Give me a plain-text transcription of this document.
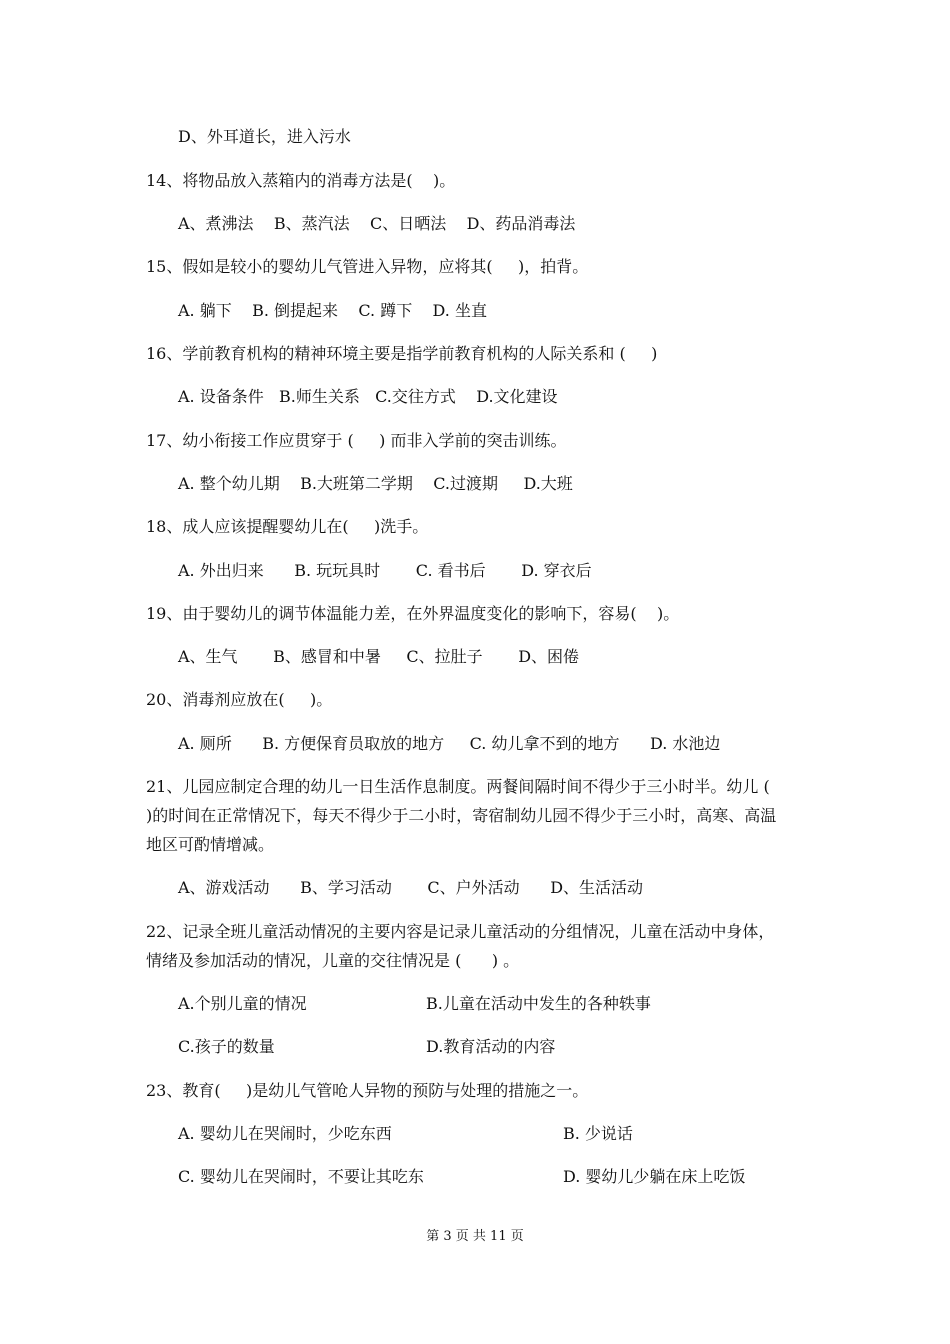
D、外耳道长，进入污水
14、将物品放入蒸箱内的消毒方法是(    )。
A、煮沸法    B、蒸汽法    C、日晒法    D、药品消毒法
15、假如是较小的婴幼儿气管进入异物，应将其(     )，拍背。
A. 躺下    B. 倒提起来    C. 蹲下    D. 坐直
16、学前教育机构的精神环境主要是指学前教育机构的人际关系和 (     )
A. 设备条件   B.师生关系   C.交往方式    D.文化建设
17、幼小衔接工作应贯穿于 (     ) 而非入学前的突击训练。
A. 整个幼儿期    B.大班第二学期    C.过渡期     D.大班
18、成人应该提醒婴幼儿在(     )洗手。
A. 外出归来      B. 玩玩具时       C. 看书后       D. 穿衣后
19、由于婴幼儿的调节体温能力差，在外界温度变化的影响下，容易(    )。
A、生气       B、感冒和中暑     C、拉肚子       D、困倦
20、消毒剂应放在(     )。
A. 厕所      B. 方便保育员取放的地方     C. 幼儿拿不到的地方      D. 水池边
21、儿园应制定合理的幼儿一日生活作息制度。两餐间隔时间不得少于三小时半。幼儿 (
)的时间在正常情况下，每天不得少于二小时，寄宿制幼儿园不得少于三小时，高寒、高温
地区可酌情增减。
A、游戏活动      B、学习活动       C、户外活动      D、生活活动
22、记录全班儿童活动情况的主要内容是记录儿童活动的分组情况，儿童在活动中身体，
情绪及参加活动的情况，儿童的交往情况是 (      ) 。
A.个别儿童的情况	B.儿童在活动中发生的各种轶事
C.孩子的数量	D.教育活动的内容
23、教育(     )是幼儿气管呛人异物的预防与处理的措施之一。
A. 婴幼儿在哭闹时，少吃东西	B. 少说话
C. 婴幼儿在哭闹时，不要让其吃东	D. 婴幼儿少躺在床上吃饭
第 3 页 共 11 页
